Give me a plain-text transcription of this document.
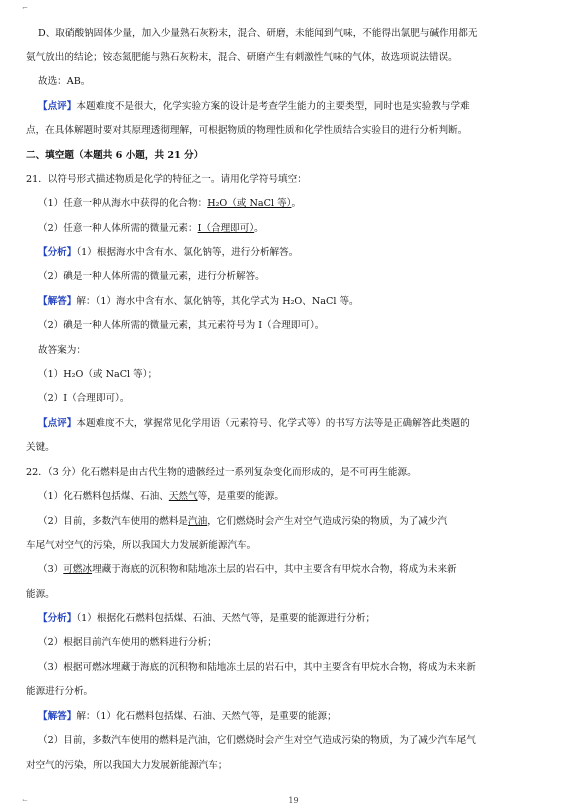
⌐
D、取硝酸钠固体少量，加入少量熟石灰粉末，混合、研磨，未能闻到气味，不能得出氯肥与碱作用都无
氨气放出的结论；铵态氮肥能与熟石灰粉末，混合、研磨产生有刺激性气味的气体，故选项说法错误。
故选：AB。
【点评】本题难度不是很大，化学实验方案的设计是考查学生能力的主要类型，同时也是实验教与学难
点，在具体解题时要对其原理透彻理解，可根据物质的物理性质和化学性质结合实验目的进行分析判断。
二、填空题（本题共 6 小题，共 21 分）
21．以符号形式描述物质是化学的特征之一。请用化学符号填空：
（1）任意一种从海水中获得的化合物：H₂O（或 NaCl 等）。
（2）任意一种人体所需的微量元素：I（合理即可）。
【分析】（1）根据海水中含有水、氯化钠等，进行分析解答。
（2）碘是一种人体所需的微量元素，进行分析解答。
【解答】解：（1）海水中含有水、氯化钠等，其化学式为 H₂O、NaCl 等。
（2）碘是一种人体所需的微量元素，其元素符号为 I（合理即可）。
故答案为：
（1）H₂O（或 NaCl 等）；
（2）I（合理即可）。
【点评】本题难度不大，掌握常见化学用语（元素符号、化学式等）的书写方法等是正确解答此类题的
关键。
22．（3 分）化石燃料是由古代生物的遗骸经过一系列复杂变化而形成的，是不可再生能源。
（1）化石燃料包括煤、石油、天然气等，是重要的能源。
（2）目前，多数汽车使用的燃料是汽油，它们燃烧时会产生对空气造成污染的物质，为了减少汽
车尾气对空气的污染，所以我国大力发展新能源汽车。
（3）可燃冰埋藏于海底的沉积物和陆地冻土层的岩石中，其中主要含有甲烷水合物，将成为未来新
能源。
【分析】（1）根据化石燃料包括煤、石油、天然气等，是重要的能源进行分析；
（2）根据目前汽车使用的燃料进行分析；
（3）根据可燃冰埋藏于海底的沉积物和陆地冻土层的岩石中，其中主要含有甲烷水合物，将成为未来新
能源进行分析。
【解答】解：（1）化石燃料包括煤、石油、天然气等，是重要的能源；
（2）目前，多数汽车使用的燃料是汽油，它们燃烧时会产生对空气造成污染的物质，为了减少汽车尾气
对空气的污染，所以我国大力发展新能源汽车；
⌙	19
